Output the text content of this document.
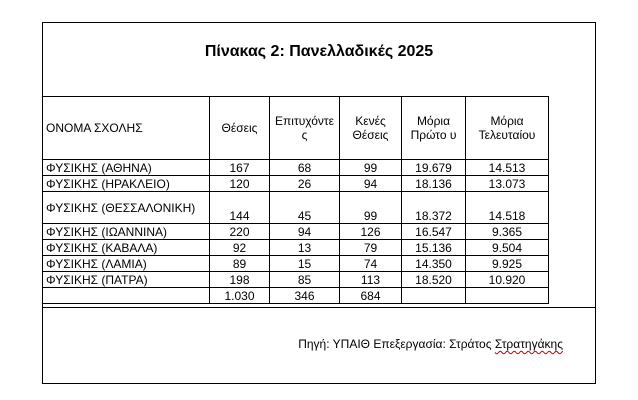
Πίνακας 2: Πανελλαδικές 2025
ΟΝΟΜΑ ΣΧΟΛΗΣ	Θέσεις	Επιτυχόντε ς	Κενές Θέσεις	Μόρια Πρώτο υ	Μόρια Τελευταίου
ΦΥΣΙΚΗΣ (ΑΘΗΝΑ)	167	68	99	19.679	14.513
ΦΥΣΙΚΗΣ (ΗΡΑΚΛΕΙΟ)	120	26	94	18.136	13.073
ΦΥΣΙΚΗΣ (ΘΕΣΣΑΛΟΝΙΚΗ)	144	45	99	18.372	14.518
ΦΥΣΙΚΗΣ (ΙΩΑΝΝΙΝΑ)	220	94	126	16.547	9.365
ΦΥΣΙΚΗΣ (ΚΑΒΑΛΑ)	92	13	79	15.136	9.504
ΦΥΣΙΚΗΣ (ΛΑΜΙΑ)	89	15	74	14.350	9.925
ΦΥΣΙΚΗΣ (ΠΑΤΡΑ)	198	85	113	18.520	10.920
	1.030	346	684		
Πηγή: ΥΠΑΙΘ Επεξεργασία: Στράτος Στρατηγάκης
